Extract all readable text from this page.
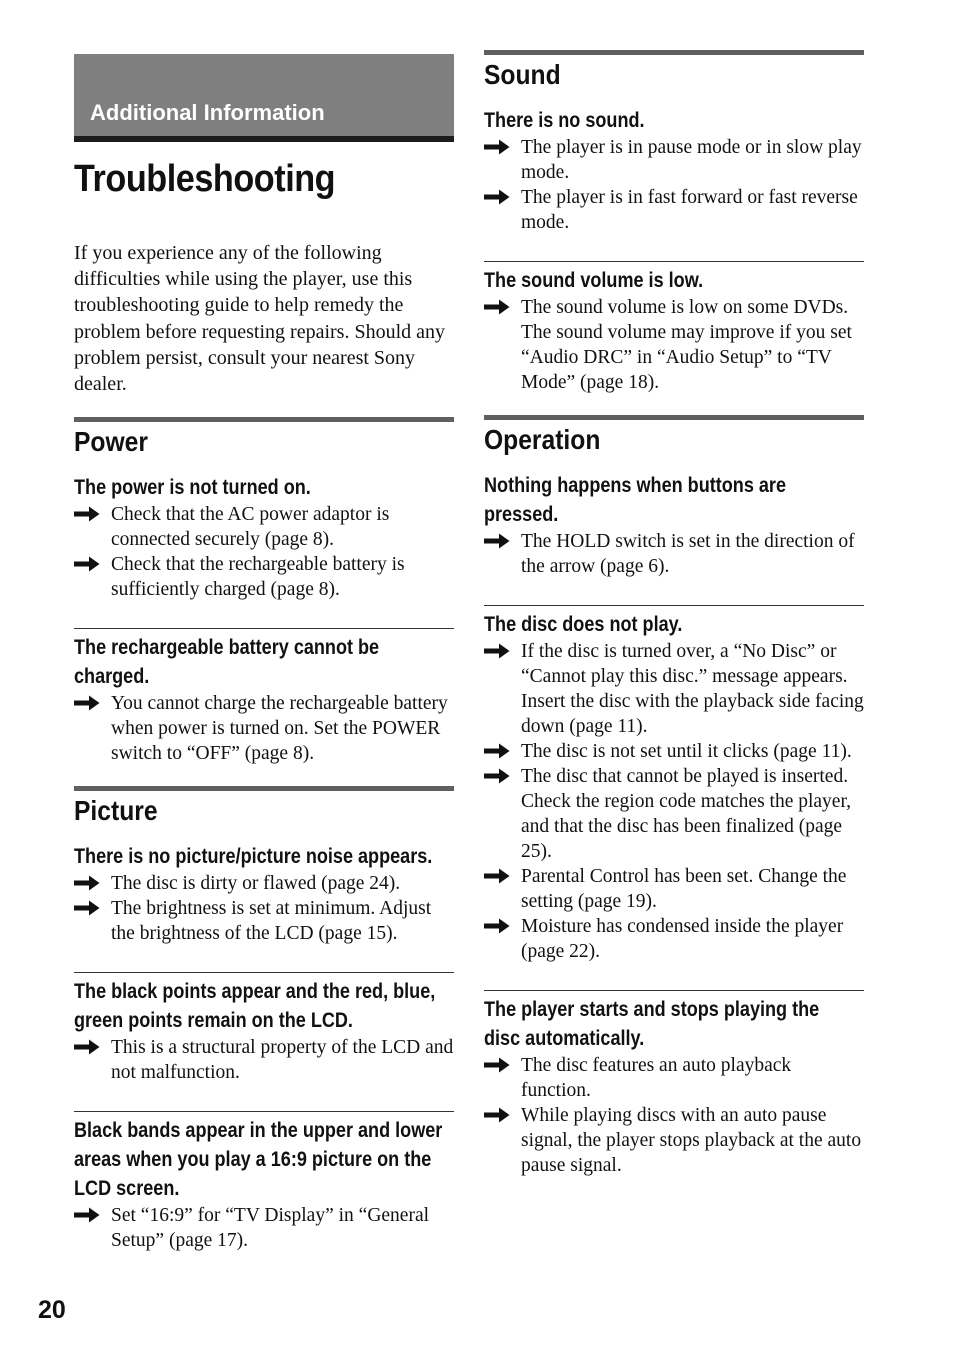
Additional Information
Troubleshooting

If you experience any of the following difficulties while using the player, use this troubleshooting guide to help remedy the problem before requesting repairs. Should any problem persist, consult your nearest Sony dealer.

Power
The power is not turned on.
Check that the AC power adaptor is connected securely (page 8).
Check that the rechargeable battery is sufficiently charged (page 8).
The rechargeable battery cannot be charged.
You cannot charge the rechargeable battery when power is turned on. Set the POWER switch to “OFF” (page 8).
Picture
There is no picture/picture noise appears.
The disc is dirty or flawed (page 24).
The brightness is set at minimum. Adjust the brightness of the LCD (page 15).
The black points appear and the red, blue, green points remain on the LCD.
This is a structural property of the LCD and not malfunction.
Black bands appear in the upper and lower areas when you play a 16:9 picture on the LCD screen.
Set “16:9” for “TV Display” in “General Setup” (page 17).
Sound
There is no sound.
The player is in pause mode or in slow play mode.
The player is in fast forward or fast reverse mode.
The sound volume is low.
The sound volume is low on some DVDs. The sound volume may improve if you set “Audio DRC” in “Audio Setup” to “TV Mode” (page 18).
Operation
Nothing happens when buttons are pressed.
The HOLD switch is set in the direction of the arrow (page 6).
The disc does not play.
If the disc is turned over, a “No Disc” or “Cannot play this disc.” message appears. Insert the disc with the playback side facing down (page 11).
The disc is not set until it clicks (page 11).
The disc that cannot be played is inserted. Check the region code matches the player, and that the disc has been finalized (page 25).
Parental Control has been set. Change the setting (page 19).
Moisture has condensed inside the player (page 22).
The player starts and stops playing the disc automatically.
The disc features an auto playback function.
While playing discs with an auto pause signal, the player stops playback at the auto pause signal.
20
